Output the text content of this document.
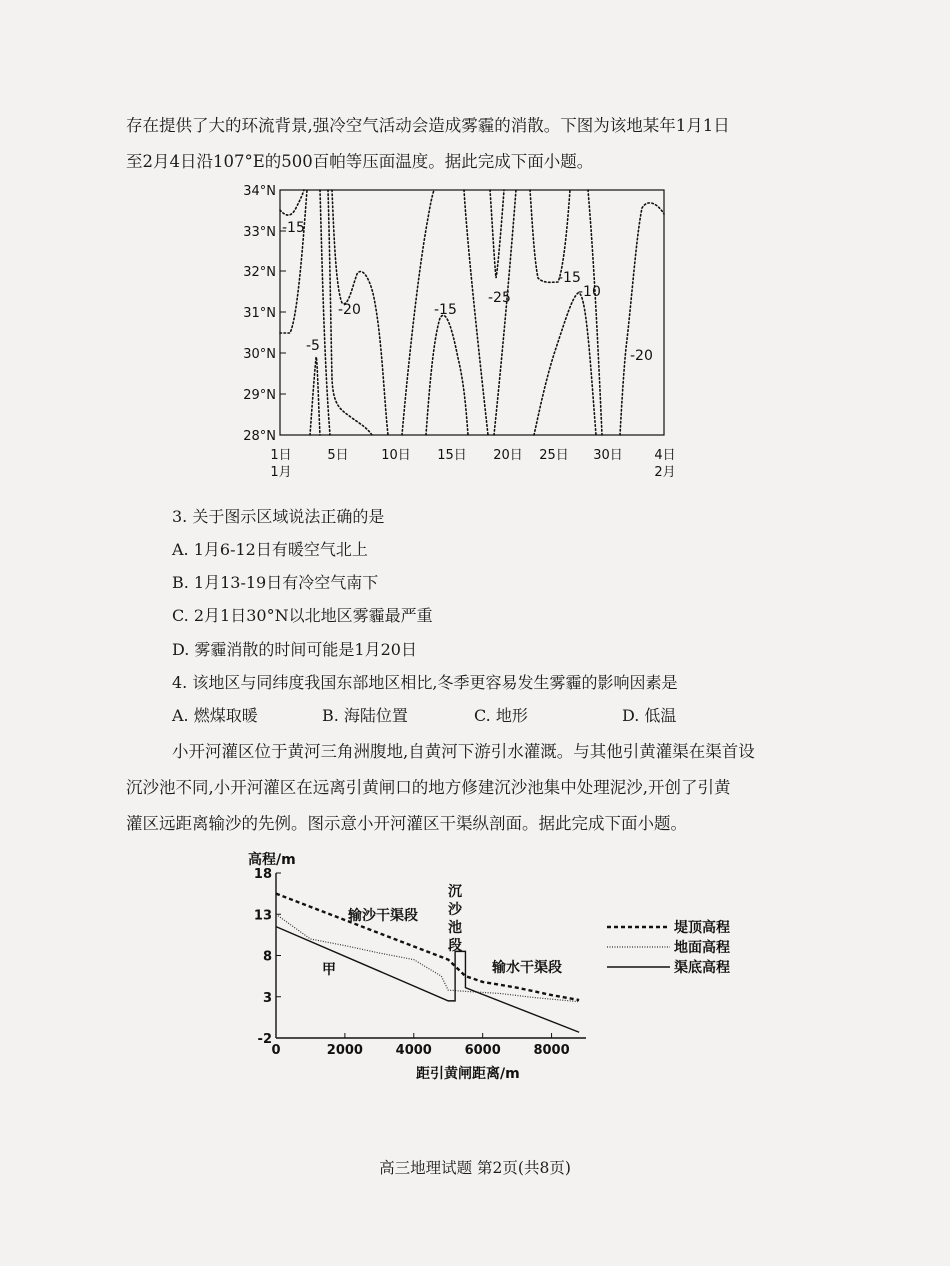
存在提供了大的环流背景,强冷空气活动会造成雾霾的消散。下图为该地某年1月1日
至2月4日沿107°E的500百帕等压面温度。据此完成下面小题。
34°N
33°N
32°N
31°N
30°N
29°N
28°N
1日
1月
5日	10日 15日 20日 25日 30日 4日
2月
-15
-20
-5
-15
-25
-15
-10
-20
3. 关于图示区域说法正确的是
A. 1月6-12日有暖空气北上
B. 1月13-19日有冷空气南下
C. 2月1日30°N以北地区雾霾最严重
D. 雾霾消散的时间可能是1月20日
4. 该地区与同纬度我国东部地区相比,冬季更容易发生雾霾的影响因素是
A. 燃煤取暖	B. 海陆位置	C. 地形	D. 低温
小开河灌区位于黄河三角洲腹地,自黄河下游引水灌溉。与其他引黄灌渠在渠首设
沉沙池不同,小开河灌区在远离引黄闸口的地方修建沉沙池集中处理泥沙,开创了引黄
灌区远距离输沙的先例。图示意小开河灌区干渠纵剖面。据此完成下面小题。
高程/m
-2
3
8
13
18
0	2000	4000	6000	8000
输沙干渠段
沉
沙
池
段
输水干渠段
甲
距引黄闸距离/m
堤顶高程
地面高程
渠底高程
高三地理试题 第2页(共8页)
